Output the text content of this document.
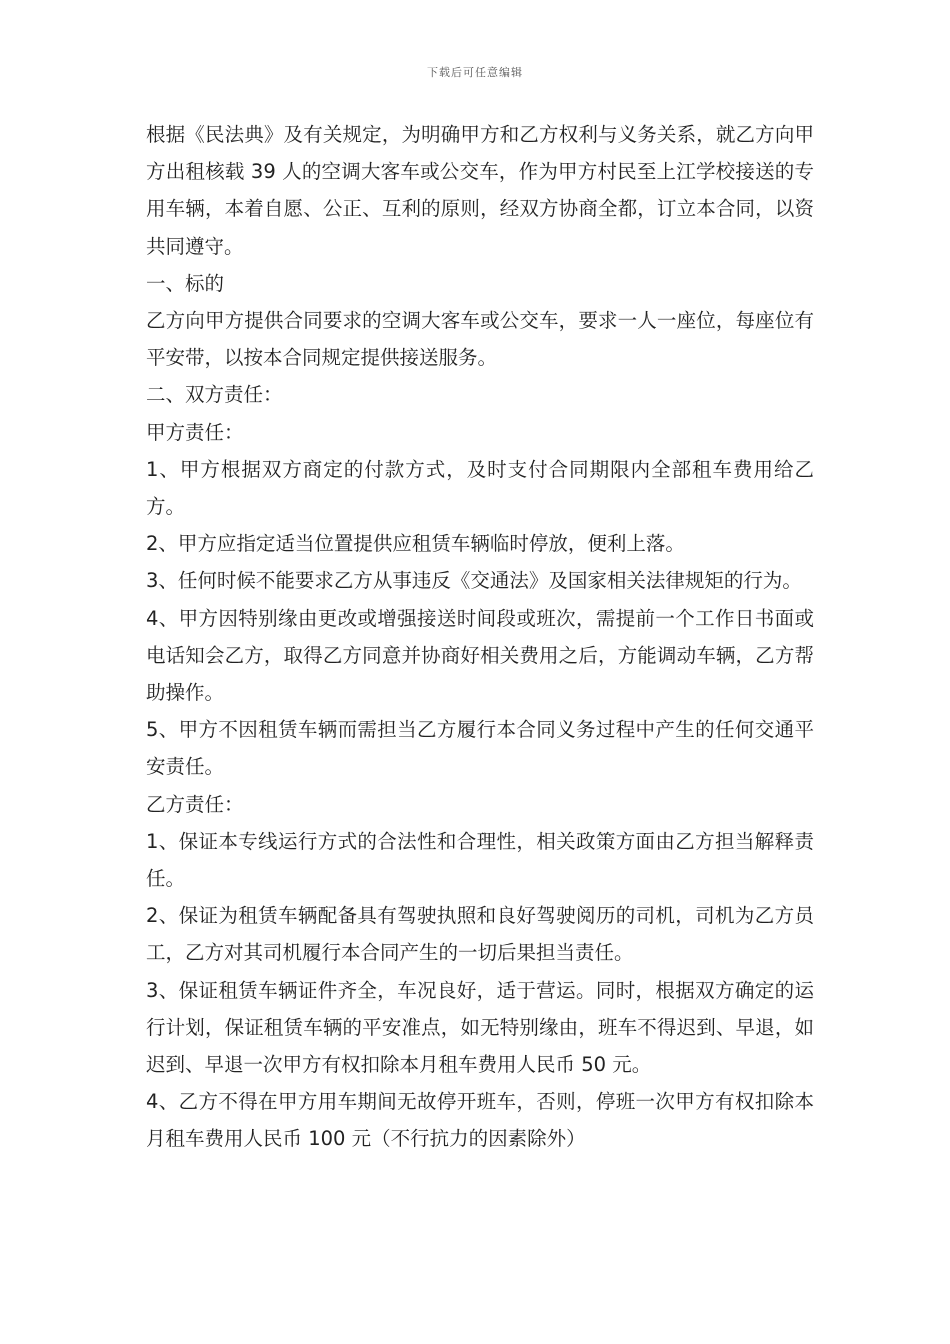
下载后可任意编辑

根据《民法典》及有关规定，为明确甲方和乙方权利与义务关系，就乙方向甲方出租核载 39 人的空调大客车或公交车，作为甲方村民至上江学校接送的专用车辆，本着自愿、公正、互利的原则，经双方协商全都，订立本合同，以资共同遵守。

一、标的

乙方向甲方提供合同要求的空调大客车或公交车，要求一人一座位，每座位有平安带，以按本合同规定提供接送服务。

二、双方责任：

甲方责任：

1、甲方根据双方商定的付款方式，及时支付合同期限内全部租车费用给乙方。

2、甲方应指定适当位置提供应租赁车辆临时停放，便利上落。

3、任何时候不能要求乙方从事违反《交通法》及国家相关法律规矩的行为。

4、甲方因特别缘由更改或增强接送时间段或班次，需提前一个工作日书面或电话知会乙方，取得乙方同意并协商好相关费用之后，方能调动车辆，乙方帮助操作。

5、甲方不因租赁车辆而需担当乙方履行本合同义务过程中产生的任何交通平安责任。

乙方责任：

1、保证本专线运行方式的合法性和合理性，相关政策方面由乙方担当解释责任。

2、保证为租赁车辆配备具有驾驶执照和良好驾驶阅历的司机，司机为乙方员工，乙方对其司机履行本合同产生的一切后果担当责任。

3、保证租赁车辆证件齐全，车况良好，适于营运。同时，根据双方确定的运行计划，保证租赁车辆的平安准点，如无特别缘由，班车不得迟到、早退，如迟到、早退一次甲方有权扣除本月租车费用人民币 50 元。

4、乙方不得在甲方用车期间无故停开班车，否则，停班一次甲方有权扣除本月租车费用人民币 100 元（不行抗力的因素除外）
